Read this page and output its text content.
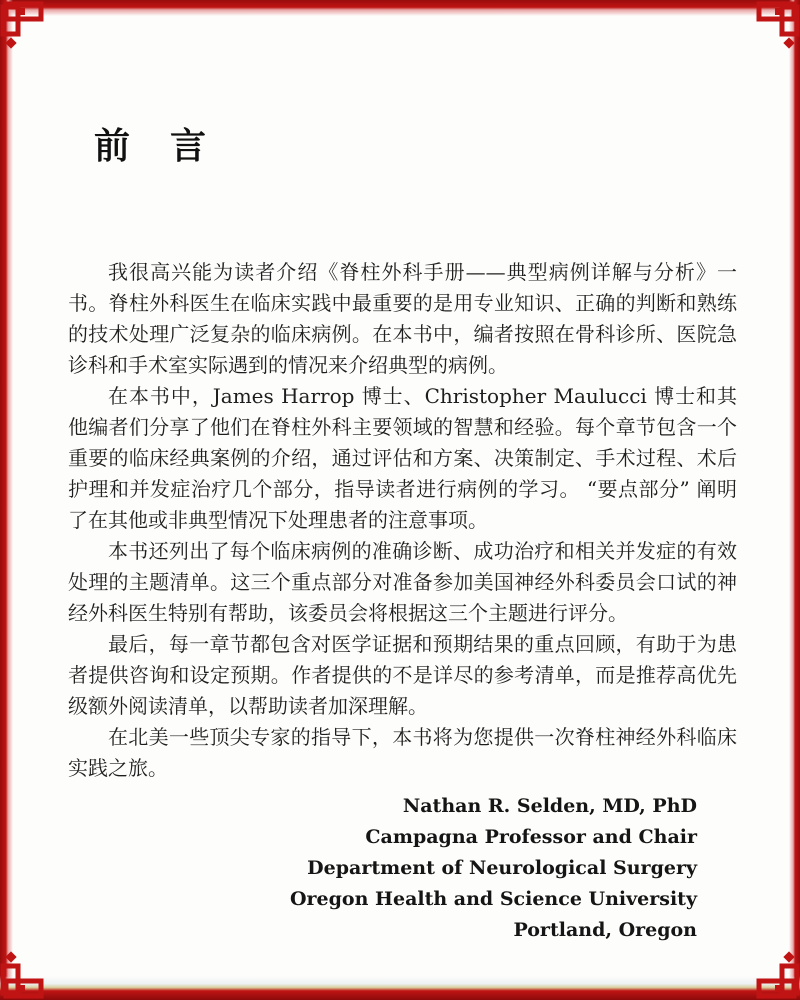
前　言

我很高兴能为读者介绍《脊柱外科手册——典型病例详解与分析》一书。脊柱外科医生在临床实践中最重要的是用专业知识、正确的判断和熟练的技术处理广泛复杂的临床病例。在本书中，编者按照在骨科诊所、医院急诊科和手术室实际遇到的情况来介绍典型的病例。

在本书中，James Harrop 博士、Christopher Maulucci 博士和其他编者们分享了他们在脊柱外科主要领域的智慧和经验。每个章节包含一个重要的临床经典案例的介绍，通过评估和方案、决策制定、手术过程、术后护理和并发症治疗几个部分，指导读者进行病例的学习。 “要点部分” 阐明了在其他或非典型情况下处理患者的注意事项。

本书还列出了每个临床病例的准确诊断、成功治疗和相关并发症的有效处理的主题清单。这三个重点部分对准备参加美国神经外科委员会口试的神经外科医生特别有帮助，该委员会将根据这三个主题进行评分。

最后，每一章节都包含对医学证据和预期结果的重点回顾，有助于为患者提供咨询和设定预期。作者提供的不是详尽的参考清单，而是推荐高优先级额外阅读清单，以帮助读者加深理解。

在北美一些顶尖专家的指导下，本书将为您提供一次脊柱神经外科临床实践之旅。

Nathan R. Selden, MD, PhD

Campagna Professor and Chair

Department of Neurological Surgery

Oregon Health and Science University

Portland, Oregon
